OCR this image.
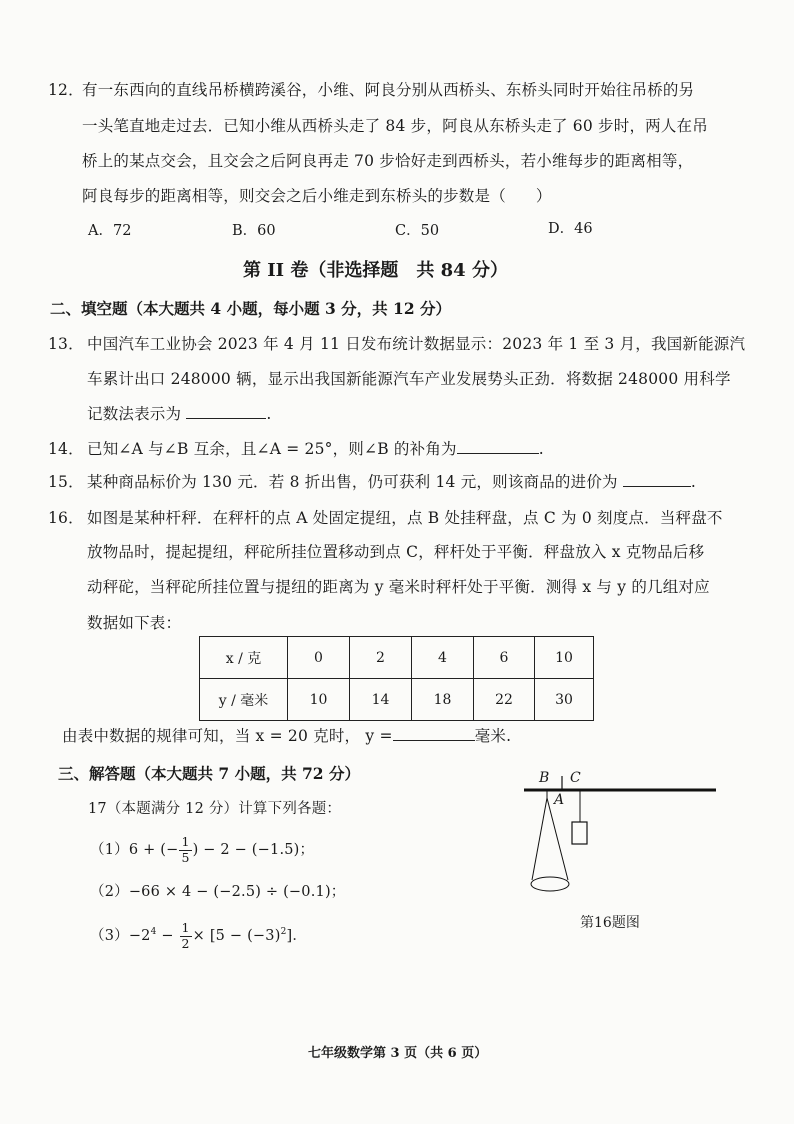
12．
有一东西向的直线吊桥横跨溪谷，小维、阿良分别从西桥头、东桥头同时开始往吊桥的另
一头笔直地走过去．已知小维从西桥头走了 84 步，阿良从东桥头走了 60 步时，两人在吊
桥上的某点交会，且交会之后阿良再走 70 步恰好走到西桥头，若小维每步的距离相等，
阿良每步的距离相等，则交会之后小维走到东桥头的步数是（ ）
A．72	B．60	C．50	D．46
第 II 卷（非选择题　共 84 分）
二、填空题（本大题共 4 小题，每小题 3 分，共 12 分）
13． 中国汽车工业协会 2023 年 4 月 11 日发布统计数据显示：2023 年 1 至 3 月，我国新能源汽
车累计出口 248000 辆，显示出我国新能源汽车产业发展势头正劲．将数据 248000 用科学
记数法表示为	.
14． 已知∠A 与∠B 互余，且∠A = 25°，则∠B 的补角为	.
15． 某种商品标价为 130 元．若 8 折出售，仍可获利 14 元，则该商品的进价为	.
16． 如图是某种杆秤．在秤杆的点 A 处固定提纽，点 B 处挂秤盘，点 C 为 0 刻度点．当秤盘不
放物品时，提起提纽，秤砣所挂位置移动到点 C，秤杆处于平衡．秤盘放入 x 克物品后移
动秤砣，当秤砣所挂位置与提纽的距离为 y 毫米时秤杆处于平衡．测得 x 与 y 的几组对应
数据如下表：
x / 克	0	2	4	6	10
y / 毫米	10	14	18	22	30
由表中数据的规律可知，当 x = 20 克时， y =	毫米.
三、解答题（本大题共 7 小题，共 72 分）
17（本题满分 12 分）计算下列各题：
（1）6 + (− $\frac{1}{5}$ ) − 2 − (−1.5)；
（2）−66 × 4 − (−2.5) ÷ (−0.1)；
$(3)-2^4 - \frac{1}{2} \times [5 - (-3)^2]$．
B C
A
第16题图
七年级数学第 3 页（共 6 页）
